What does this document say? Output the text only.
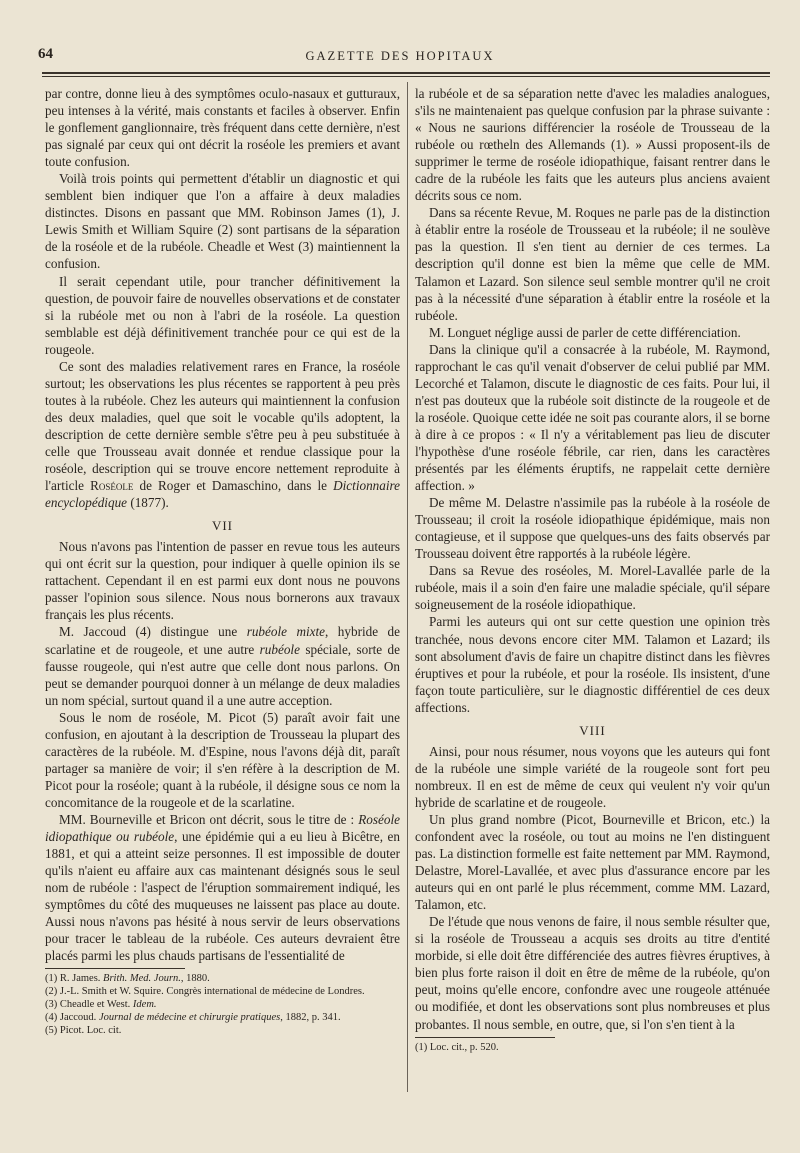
64	GAZETTE DES HOPITAUX

par contre, donne lieu à des symptômes oculo-nasaux et gutturaux, peu intenses à la vérité, mais constants et faciles à observer. Enfin le gonflement ganglionnaire, très fréquent dans cette dernière, n'est pas signalé par ceux qui ont décrit la roséole les premiers et avant toute confusion.

Voilà trois points qui permettent d'établir un diagnostic et qui semblent bien indiquer que l'on a affaire à deux maladies distinctes. Disons en passant que MM. Robinson James (1), J. Lewis Smith et William Squire (2) sont partisans de la séparation de la roséole et de la rubéole. Cheadle et West (3) maintiennent la confusion.

Il serait cependant utile, pour trancher définitivement la question, de pouvoir faire de nouvelles observations et de constater si la rubéole met ou non à l'abri de la roséole. La question semblable est déjà définitivement tranchée pour ce qui est de la rougeole.

Ce sont des maladies relativement rares en France, la roséole surtout; les observations les plus récentes se rapportent à peu près toutes à la rubéole. Chez les auteurs qui maintiennent la confusion des deux maladies, quel que soit le vocable qu'ils adoptent, la description de cette dernière semble s'être peu à peu substituée à celle que Trousseau avait donnée et rendue classique pour la roséole, description qui se trouve encore nettement reproduite à l'article Roséole de Roger et Damaschino, dans le Dictionnaire encyclopédique (1877).

VII

Nous n'avons pas l'intention de passer en revue tous les auteurs qui ont écrit sur la question, pour indiquer à quelle opinion ils se rattachent. Cependant il en est parmi eux dont nous ne pouvons passer l'opinion sous silence. Nous nous bornerons aux travaux français les plus récents.

M. Jaccoud (4) distingue une rubéole mixte, hybride de scarlatine et de rougeole, et une autre rubéole spéciale, sorte de fausse rougeole, qui n'est autre que celle dont nous parlons. On peut se demander pourquoi donner à un mélange de deux maladies un nom spécial, surtout quand il a une autre acception.

Sous le nom de roséole, M. Picot (5) paraît avoir fait une confusion, en ajoutant à la description de Trousseau la plupart des caractères de la rubéole. M. d'Espine, nous l'avons déjà dit, paraît partager sa manière de voir; il s'en réfère à la description de M. Picot pour la roséole; quant à la rubéole, il désigne sous ce nom la concomitance de la rougeole et de la scarlatine.

MM. Bourneville et Bricon ont décrit, sous le titre de : Roséole idiopathique ou rubéole, une épidémie qui a eu lieu à Bicêtre, en 1881, et qui a atteint seize personnes. Il est impossible de douter qu'ils n'aient eu affaire aux cas maintenant désignés sous le seul nom de rubéole : l'aspect de l'éruption sommairement indiqué, les symptômes du côté des muqueuses ne laissent pas place au doute. Aussi nous n'avons pas hésité à nous servir de leurs observations pour tracer le tableau de la rubéole. Ces auteurs devraient être placés parmi les plus chauds partisans de l'essentialité de

(1) R. James. Brith. Med. Journ., 1880.
(2) J.-L. Smith et W. Squire. Congrès international de médecine de Londres.
(3) Cheadle et West. Idem.
(4) Jaccoud. Journal de médecine et chirurgie pratiques, 1882, p. 341.
(5) Picot. Loc. cit.

la rubéole et de sa séparation nette d'avec les maladies analogues, s'ils ne maintenaient pas quelque confusion par la phrase suivante : « Nous ne saurions différencier la roséole de Trousseau de la rubéole ou rœtheln des Allemands (1). » Aussi proposent-ils de supprimer le terme de roséole idiopathique, faisant rentrer dans le cadre de la rubéole les faits que les auteurs plus anciens avaient décrits sous ce nom.

Dans sa récente Revue, M. Roques ne parle pas de la distinction à établir entre la roséole de Trousseau et la rubéole; il ne soulève pas la question. Il s'en tient au dernier de ces termes. La description qu'il donne est bien la même que celle de MM. Talamon et Lazard. Son silence seul semble montrer qu'il ne croit pas à la nécessité d'une séparation à établir entre la roséole et la rubéole.

M. Longuet néglige aussi de parler de cette différenciation.

Dans la clinique qu'il a consacrée à la rubéole, M. Raymond, rapprochant le cas qu'il venait d'observer de celui publié par MM. Lecorché et Talamon, discute le diagnostic de ces faits. Pour lui, il n'est pas douteux que la rubéole soit distincte de la rougeole et de la roséole. Quoique cette idée ne soit pas courante alors, il se borne à dire à ce propos : « Il n'y a véritablement pas lieu de discuter l'hypothèse d'une roséole fébrile, car rien, dans les caractères présentés par les éléments éruptifs, ne rappelait cette dernière affection. »

De même M. Delastre n'assimile pas la rubéole à la roséole de Trousseau; il croit la roséole idiopathique épidémique, mais non contagieuse, et il suppose que quelques-uns des faits observés par Trousseau doivent être rapportés à la rubéole légère.

Dans sa Revue des roséoles, M. Morel-Lavallée parle de la rubéole, mais il a soin d'en faire une maladie spéciale, qu'il sépare soigneusement de la roséole idiopathique.

Parmi les auteurs qui ont sur cette question une opinion très tranchée, nous devons encore citer MM. Talamon et Lazard; ils sont absolument d'avis de faire un chapitre distinct dans les fièvres éruptives et pour la rubéole, et pour la roséole. Ils insistent, d'une façon toute particulière, sur le diagnostic différentiel de ces deux affections.

VIII

Ainsi, pour nous résumer, nous voyons que les auteurs qui font de la rubéole une simple variété de la rougeole sont fort peu nombreux. Il en est de même de ceux qui veulent n'y voir qu'un hybride de scarlatine et de rougeole.

Un plus grand nombre (Picot, Bourneville et Bricon, etc.) la confondent avec la roséole, ou tout au moins ne l'en distinguent pas. La distinction formelle est faite nettement par MM. Raymond, Delastre, Morel-Lavallée, et avec plus d'assurance encore par les auteurs qui en ont parlé le plus récemment, comme MM. Lazard, Talamon, etc.

De l'étude que nous venons de faire, il nous semble résulter que, si la roséole de Trousseau a acquis ses droits au titre d'entité morbide, si elle doit être différenciée des autres fièvres éruptives, à bien plus forte raison il doit en être de même de la rubéole, qu'on peut, moins qu'elle encore, confondre avec une rougeole atténuée ou modifiée, et dont les observations sont plus nombreuses et plus probantes. Il nous semble, en outre, que, si l'on s'en tient à la

(1) Loc. cit., p. 520.
